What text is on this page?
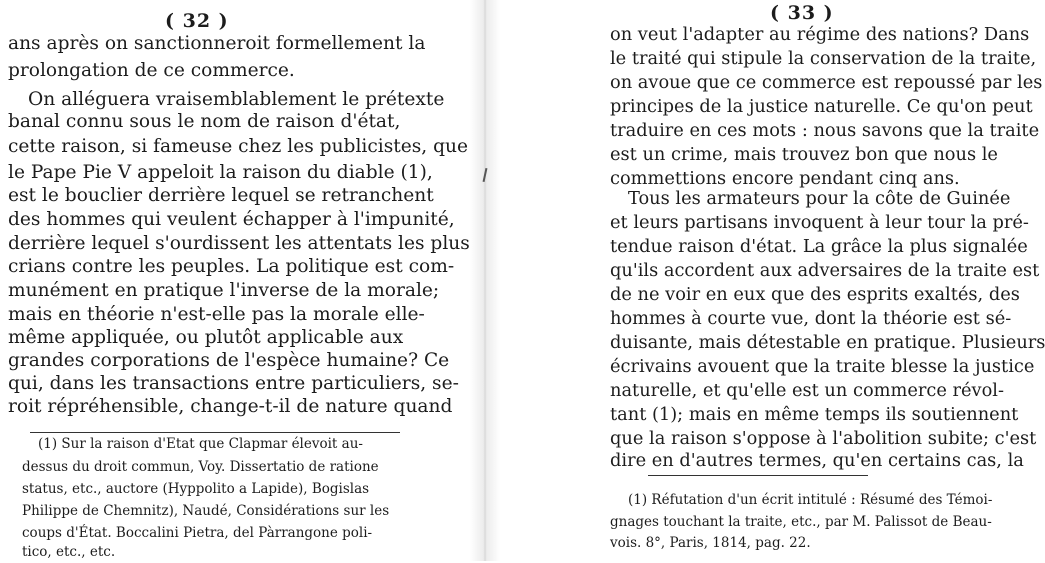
( 32 )
ans après on sanctionneroit formellement la
prolongation de ce commerce.
On alléguera vraisemblablement le prétexte
banal connu sous le nom de raison d'état,
cette raison, si fameuse chez les publicistes, que
le Pape Pie V appeloit la raison du diable (1),
est le bouclier derrière lequel se retranchent
des hommes qui veulent échapper à l'impunité,
derrière lequel s'ourdissent les attentats les plus
crians contre les peuples. La politique est com-
munément en pratique l'inverse de la morale;
mais en théorie n'est-elle pas la morale elle-
même appliquée, ou plutôt applicable aux
grandes corporations de l'espèce humaine? Ce
qui, dans les transactions entre particuliers, se-
roit répréhensible, change-t-il de nature quand
(1) Sur la raison d'Etat que Clapmar élevoit au-
dessus du droit commun, Voy. Dissertatio de ratione
status, etc., auctore (Hyppolito a Lapide), Bogislas
Philippe de Chemnitz), Naudé, Considérations sur les
coups d'État. Boccalini Pietra, del Pàrrangone poli-
tico, etc., etc.
( 33 )
on veut l'adapter au régime des nations? Dans
le traité qui stipule la conservation de la traite,
on avoue que ce commerce est repoussé par les
principes de la justice naturelle. Ce qu'on peut
traduire en ces mots : nous savons que la traite
est un crime, mais trouvez bon que nous le
commettions encore pendant cinq ans.
Tous les armateurs pour la côte de Guinée
et leurs partisans invoquent à leur tour la pré-
tendue raison d'état. La grâce la plus signalée
qu'ils accordent aux adversaires de la traite est
de ne voir en eux que des esprits exaltés, des
hommes à courte vue, dont la théorie est sé-
duisante, mais détestable en pratique. Plusieurs
écrivains avouent que la traite blesse la justice
naturelle, et qu'elle est un commerce révol-
tant (1); mais en même temps ils soutiennent
que la raison s'oppose à l'abolition subite; c'est
dire en d'autres termes, qu'en certains cas, la
(1) Réfutation d'un écrit intitulé : Résumé des Témoi-
gnages touchant la traite, etc., par M. Palissot de Beau-
vois. 8°, Paris, 1814, pag. 22.
